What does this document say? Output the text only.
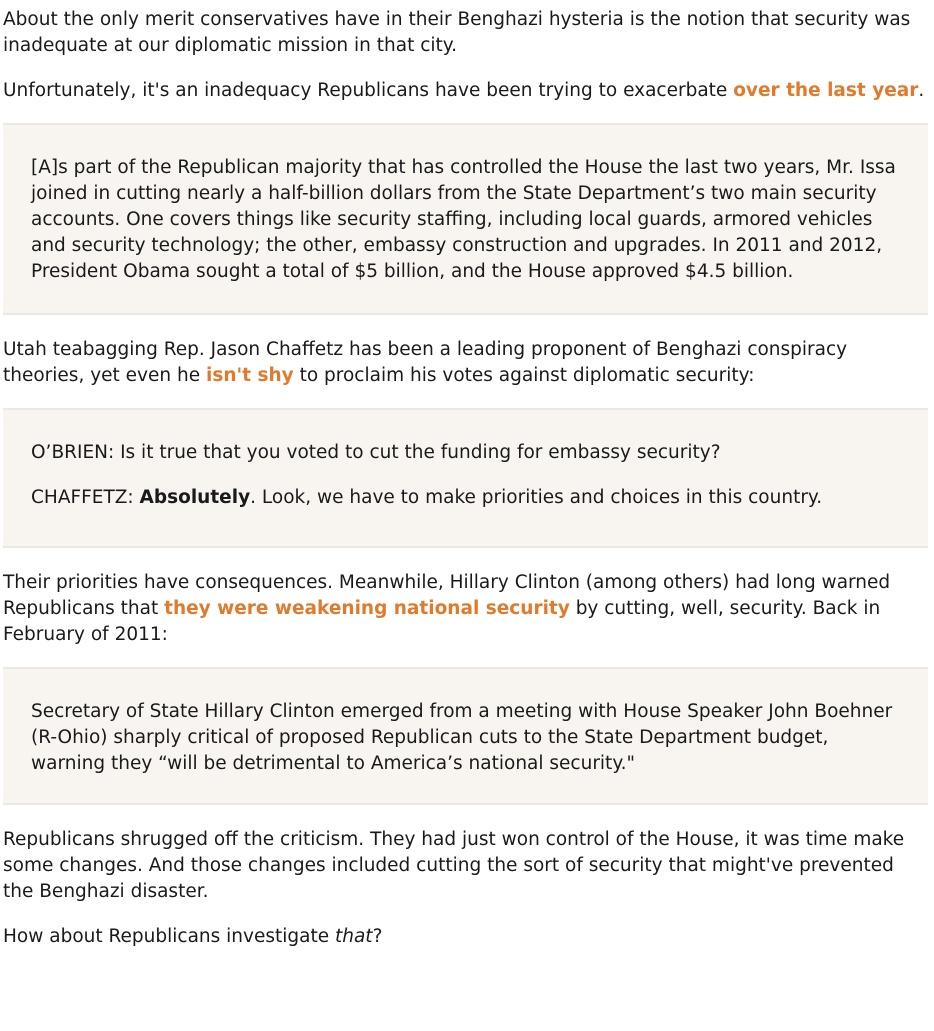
About the only merit conservatives have in their Benghazi hysteria is the notion that security was inadequate at our diplomatic mission in that city.

Unfortunately, it's an inadequacy Republicans have been trying to exacerbate over the last year.

[A]s part of the Republican majority that has controlled the House the last two years, Mr. Issa joined in cutting nearly a half-billion dollars from the State Department’s two main security accounts. One covers things like security staffing, including local guards, armored vehicles and security technology; the other, embassy construction and upgrades. In 2011 and 2012, President Obama sought a total of $5 billion, and the House approved $4.5 billion.

Utah teabagging Rep. Jason Chaffetz has been a leading proponent of Benghazi conspiracy theories, yet even he isn't shy to proclaim his votes against diplomatic security:

O’BRIEN: Is it true that you voted to cut the funding for embassy security?

CHAFFETZ: Absolutely. Look, we have to make priorities and choices in this country.

Their priorities have consequences. Meanwhile, Hillary Clinton (among others) had long warned Republicans that they were weakening national security by cutting, well, security. Back in February of 2011:

Secretary of State Hillary Clinton emerged from a meeting with House Speaker John Boehner (R-Ohio) sharply critical of proposed Republican cuts to the State Department budget, warning they “will be detrimental to America’s national security."

Republicans shrugged off the criticism. They had just won control of the House, it was time make some changes. And those changes included cutting the sort of security that might've prevented the Benghazi disaster.

How about Republicans investigate that?
